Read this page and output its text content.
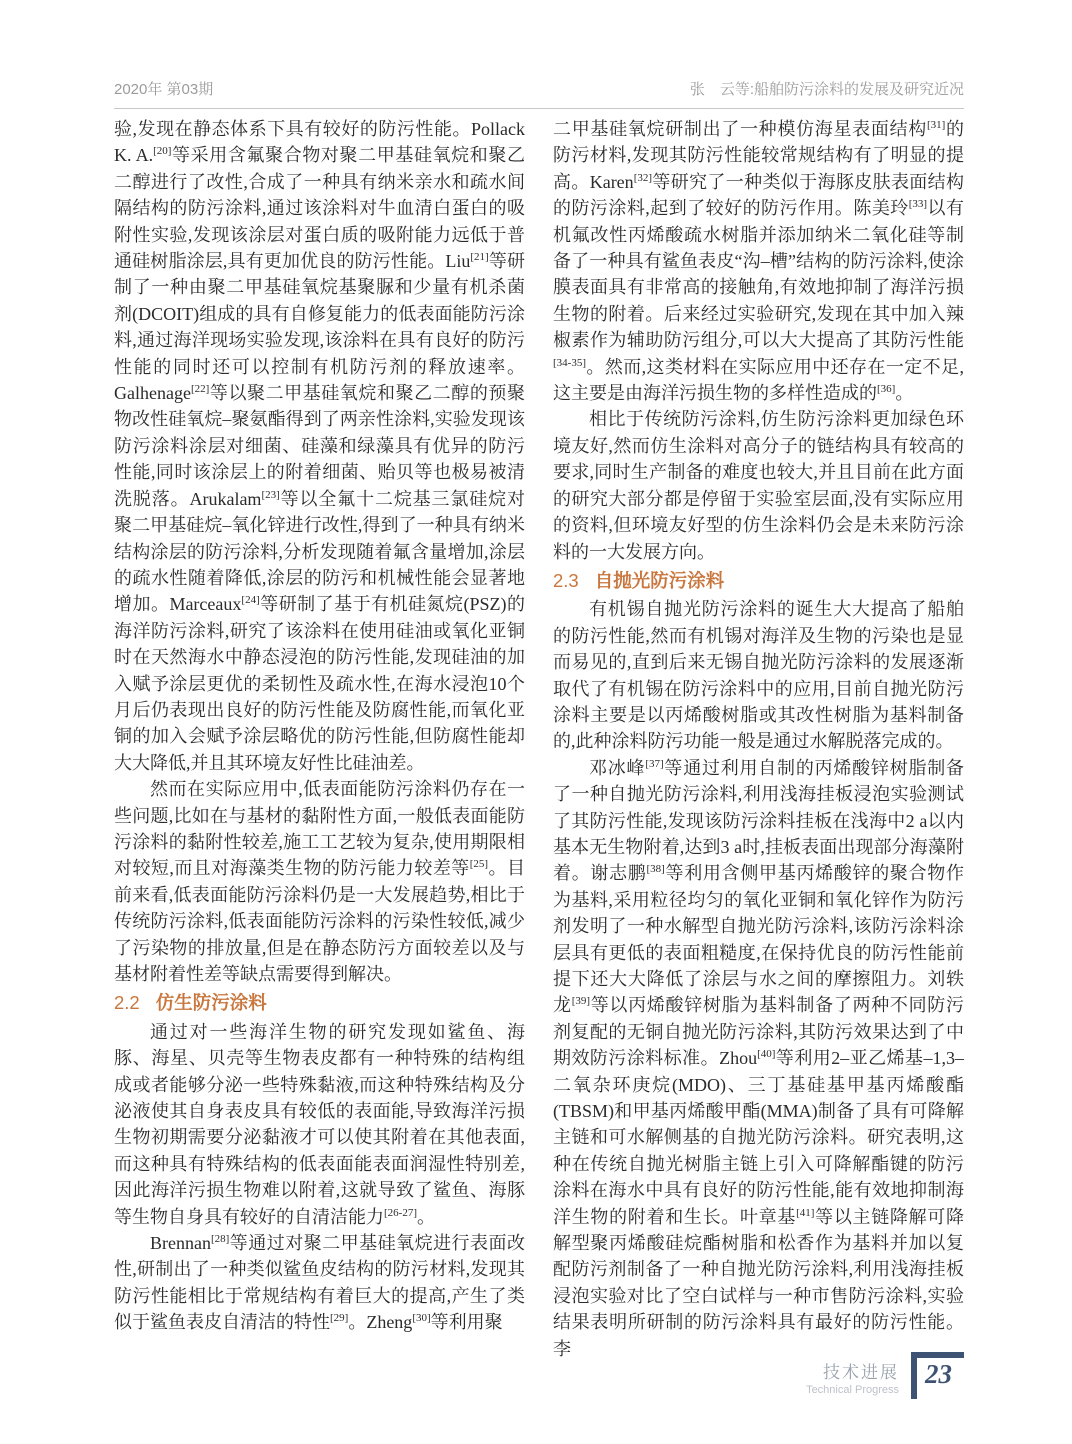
2020年 第03期	张　云等:船舶防污涂料的发展及研究近况

验,发现在静态体系下具有较好的防污性能。Pollack K. A.[20]等采用含氟聚合物对聚二甲基硅氧烷和聚乙二醇进行了改性,合成了一种具有纳米亲水和疏水间隔结构的防污涂料,通过该涂料对牛血清白蛋白的吸附性实验,发现该涂层对蛋白质的吸附能力远低于普通硅树脂涂层,具有更加优良的防污性能。Liu[21]等研制了一种由聚二甲基硅氧烷基聚脲和少量有机杀菌剂(DCOIT)组成的具有自修复能力的低表面能防污涂料,通过海洋现场实验发现,该涂料在具有良好的防污性能的同时还可以控制有机防污剂的释放速率。Galhenage[22]等以聚二甲基硅氧烷和聚乙二醇的预聚物改性硅氧烷–聚氨酯得到了两亲性涂料,实验发现该防污涂料涂层对细菌、硅藻和绿藻具有优异的防污性能,同时该涂层上的附着细菌、贻贝等也极易被清洗脱落。Arukalam[23]等以全氟十二烷基三氯硅烷对聚二甲基硅烷–氧化锌进行改性,得到了一种具有纳米结构涂层的防污涂料,分析发现随着氟含量增加,涂层的疏水性随着降低,涂层的防污和机械性能会显著地增加。Marceaux[24]等研制了基于有机硅氮烷(PSZ)的海洋防污涂料,研究了该涂料在使用硅油或氧化亚铜时在天然海水中静态浸泡的防污性能,发现硅油的加入赋予涂层更优的柔韧性及疏水性,在海水浸泡10个月后仍表现出良好的防污性能及防腐性能,而氧化亚铜的加入会赋予涂层略优的防污性能,但防腐性能却大大降低,并且其环境友好性比硅油差。

然而在实际应用中,低表面能防污涂料仍存在一些问题,比如在与基材的黏附性方面,一般低表面能防污涂料的黏附性较差,施工工艺较为复杂,使用期限相对较短,而且对海藻类生物的防污能力较差等[25]。目前来看,低表面能防污涂料仍是一大发展趋势,相比于传统防污涂料,低表面能防污涂料的污染性较低,减少了污染物的排放量,但是在静态防污方面较差以及与基材附着性差等缺点需要得到解决。

2.2 仿生防污涂料

通过对一些海洋生物的研究发现如鲨鱼、海豚、海星、贝壳等生物表皮都有一种特殊的结构组成或者能够分泌一些特殊黏液,而这种特殊结构及分泌液使其自身表皮具有较低的表面能,导致海洋污损生物初期需要分泌黏液才可以使其附着在其他表面,而这种具有特殊结构的低表面能表面润湿性特别差,因此海洋污损生物难以附着,这就导致了鲨鱼、海豚等生物自身具有较好的自清洁能力[26-27]。

Brennan[28]等通过对聚二甲基硅氧烷进行表面改性,研制出了一种类似鲨鱼皮结构的防污材料,发现其防污性能相比于常规结构有着巨大的提高,产生了类似于鲨鱼表皮自清洁的特性[29]。Zheng[30]等利用聚

二甲基硅氧烷研制出了一种模仿海星表面结构[31]的防污材料,发现其防污性能较常规结构有了明显的提高。Karen[32]等研究了一种类似于海豚皮肤表面结构的防污涂料,起到了较好的防污作用。陈美玲[33]以有机氟改性丙烯酸疏水树脂并添加纳米二氧化硅等制备了一种具有鲨鱼表皮“沟–槽”结构的防污涂料,使涂膜表面具有非常高的接触角,有效地抑制了海洋污损生物的附着。后来经过实验研究,发现在其中加入辣椒素作为辅助防污组分,可以大大提高了其防污性能[34-35]。然而,这类材料在实际应用中还存在一定不足,这主要是由海洋污损生物的多样性造成的[36]。

相比于传统防污涂料,仿生防污涂料更加绿色环境友好,然而仿生涂料对高分子的链结构具有较高的要求,同时生产制备的难度也较大,并且目前在此方面的研究大部分都是停留于实验室层面,没有实际应用的资料,但环境友好型的仿生涂料仍会是未来防污涂料的一大发展方向。

2.3 自抛光防污涂料

有机锡自抛光防污涂料的诞生大大提高了船舶的防污性能,然而有机锡对海洋及生物的污染也是显而易见的,直到后来无锡自抛光防污涂料的发展逐渐取代了有机锡在防污涂料中的应用,目前自抛光防污涂料主要是以丙烯酸树脂或其改性树脂为基料制备的,此种涂料防污功能一般是通过水解脱落完成的。

邓冰峰[37]等通过利用自制的丙烯酸锌树脂制备了一种自抛光防污涂料,利用浅海挂板浸泡实验测试了其防污性能,发现该防污涂料挂板在浅海中2 a以内基本无生物附着,达到3 a时,挂板表面出现部分海藻附着。谢志鹏[38]等利用含侧甲基丙烯酸锌的聚合物作为基料,采用粒径均匀的氧化亚铜和氧化锌作为防污剂发明了一种水解型自抛光防污涂料,该防污涂料涂层具有更低的表面粗糙度,在保持优良的防污性能前提下还大大降低了涂层与水之间的摩擦阻力。刘轶龙[39]等以丙烯酸锌树脂为基料制备了两种不同防污剂复配的无铜自抛光防污涂料,其防污效果达到了中期效防污涂料标准。Zhou[40]等利用2–亚乙烯基–1,3–二氧杂环庚烷(MDO)、三丁基硅基甲基丙烯酸酯(TBSM)和甲基丙烯酸甲酯(MMA)制备了具有可降解主链和可水解侧基的自抛光防污涂料。研究表明,这种在传统自抛光树脂主链上引入可降解酯键的防污涂料在海水中具有良好的防污性能,能有效地抑制海洋生物的附着和生长。叶章基[41]等以主链降解可降解型聚丙烯酸硅烷酯树脂和松香作为基料并加以复配防污剂制备了一种自抛光防污涂料,利用浅海挂板浸泡实验对比了空白试样与一种市售防污涂料,实验结果表明所研制的防污涂料具有最好的防污性能。李

技术进展
Technical Progress
23
